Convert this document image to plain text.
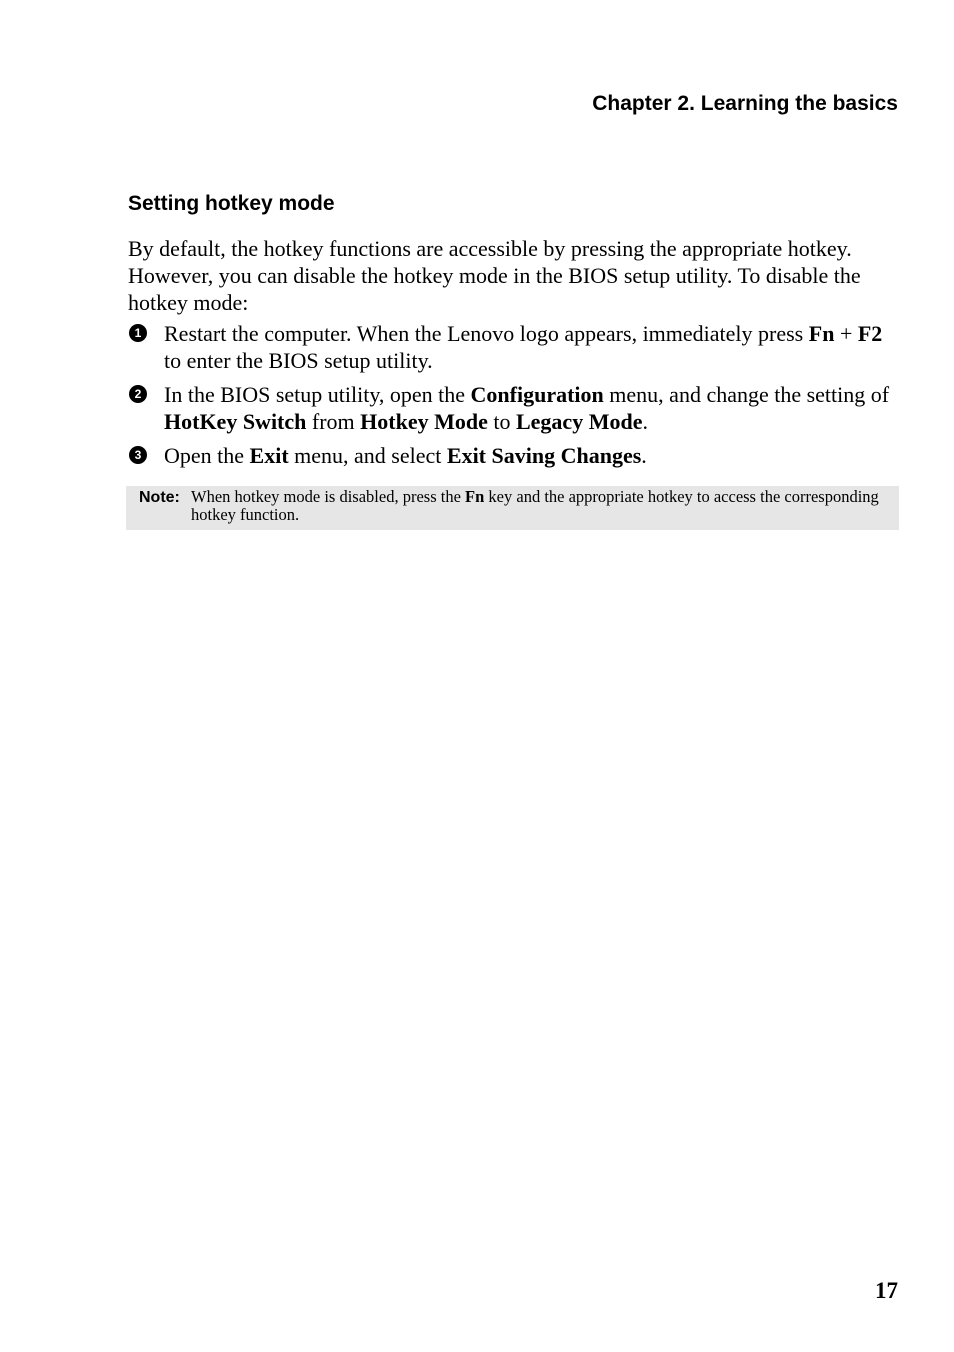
Chapter 2. Learning the basics
Setting hotkey mode
By default, the hotkey functions are accessible by pressing the appropriate hotkey. However, you can disable the hotkey mode in the BIOS setup utility. To disable the hotkey mode:
1 Restart the computer. When the Lenovo logo appears, immediately press Fn + F2 to enter the BIOS setup utility.
2 In the BIOS setup utility, open the Configuration menu, and change the setting of HotKey Switch from Hotkey Mode to Legacy Mode.
3 Open the Exit menu, and select Exit Saving Changes.
Note: When hotkey mode is disabled, press the Fn key and the appropriate hotkey to access the corresponding hotkey function.
17
